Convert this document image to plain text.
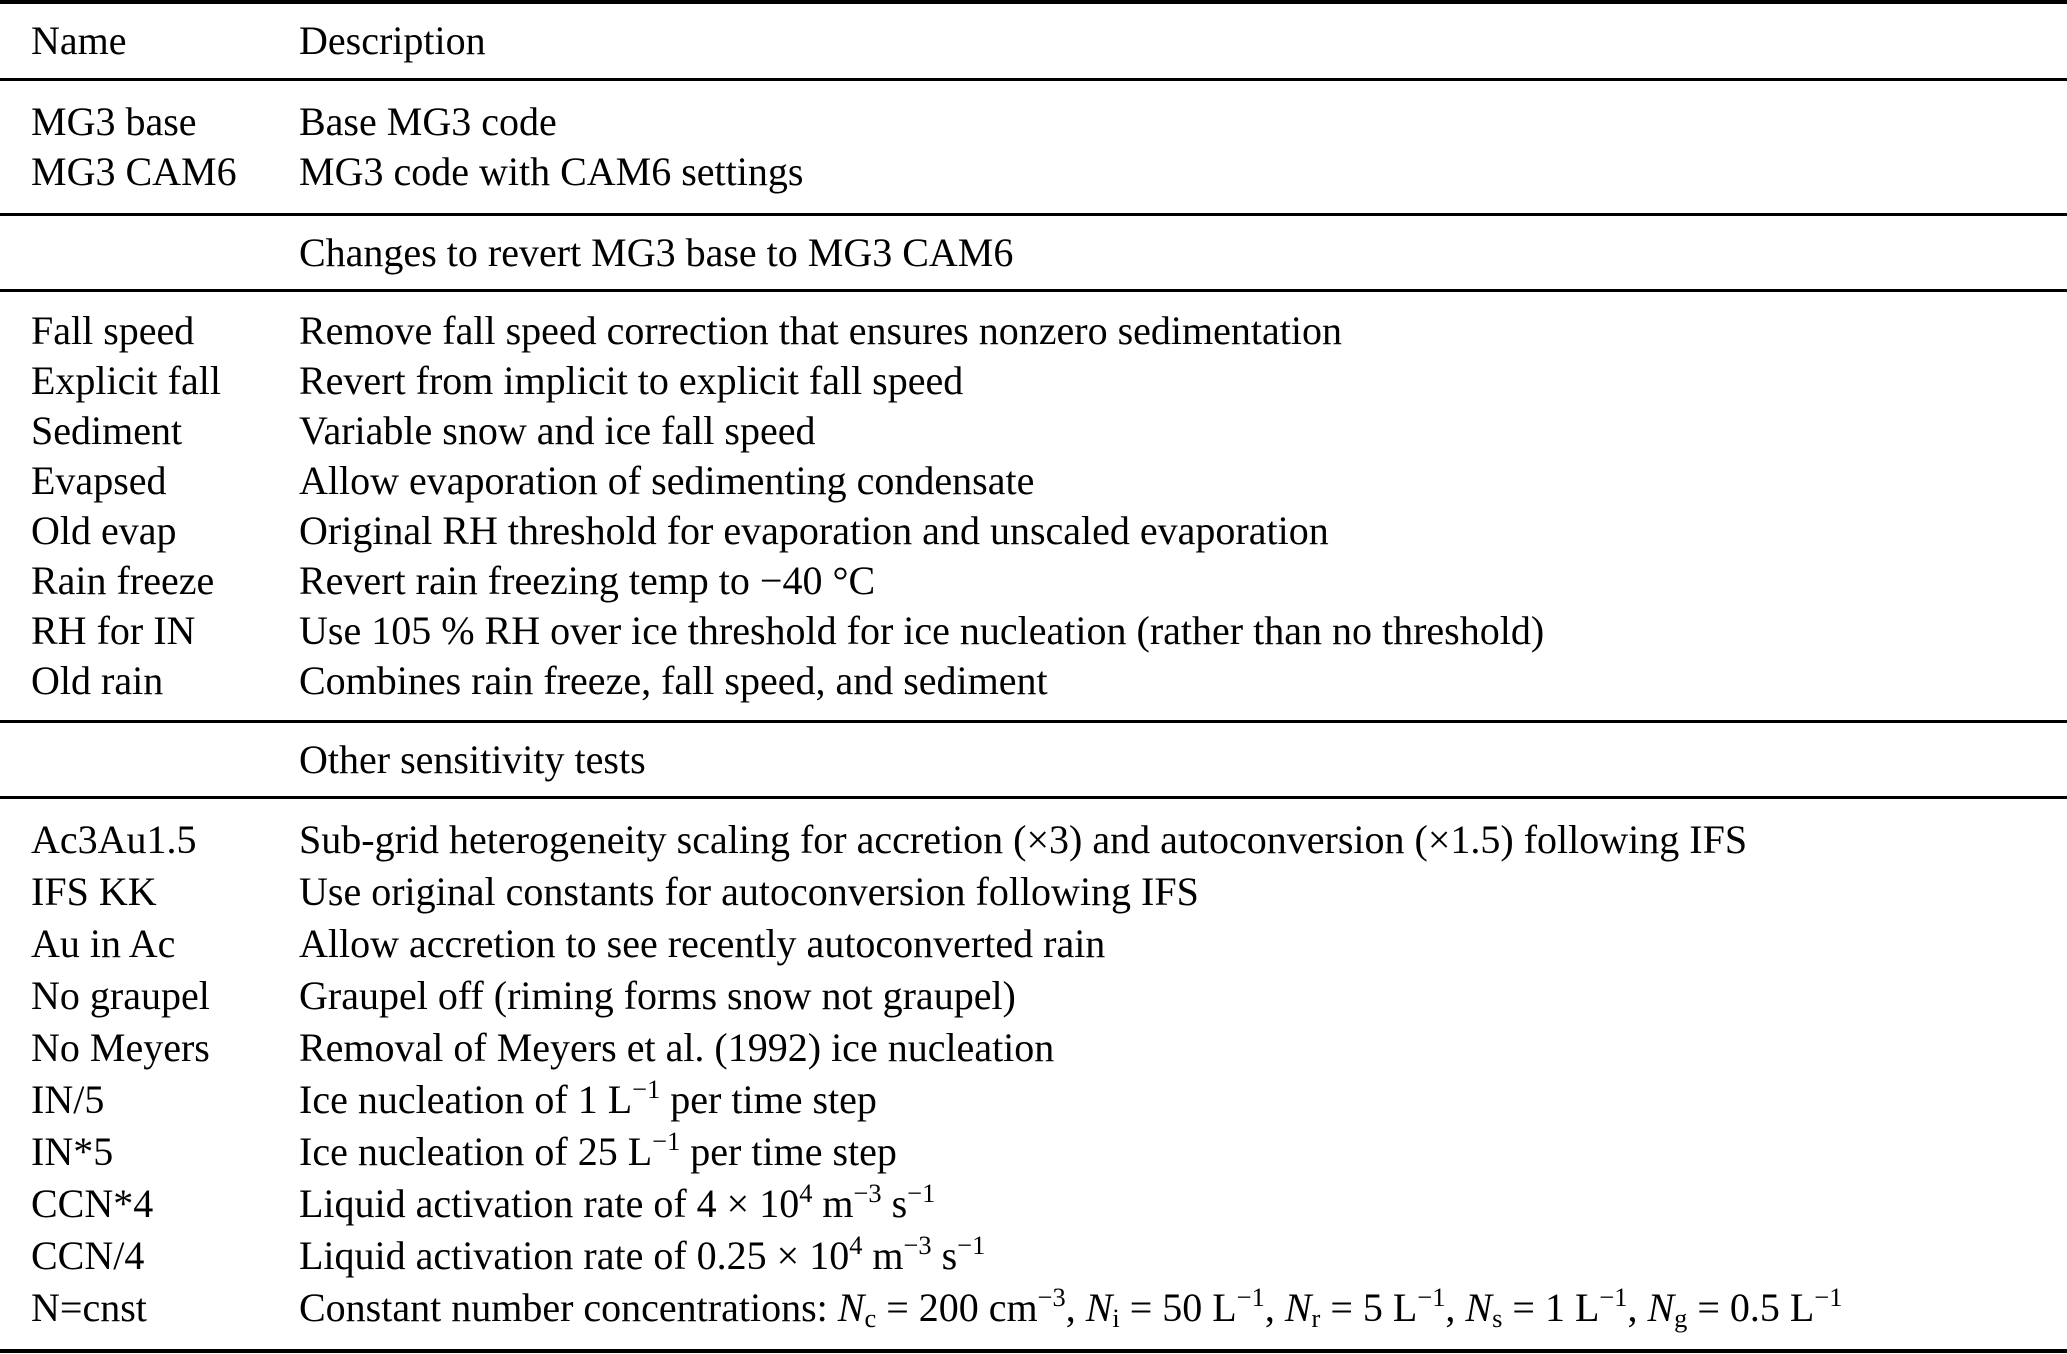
Name	Description
MG3 base	Base MG3 code
MG3 CAM6	MG3 code with CAM6 settings
Changes to revert MG3 base to MG3 CAM6
Fall speed	Remove fall speed correction that ensures nonzero sedimentation
Explicit fall	Revert from implicit to explicit fall speed
Sediment	Variable snow and ice fall speed
Evapsed	Allow evaporation of sedimenting condensate
Old evap	Original RH threshold for evaporation and unscaled evaporation
Rain freeze	Revert rain freezing temp to −40 °C
RH for IN	Use 105 % RH over ice threshold for ice nucleation (rather than no threshold)
Old rain	Combines rain freeze, fall speed, and sediment
Other sensitivity tests
Ac3Au1.5	Sub-grid heterogeneity scaling for accretion (×3) and autoconversion (×1.5) following IFS
IFS KK	Use original constants for autoconversion following IFS
Au in Ac	Allow accretion to see recently autoconverted rain
No graupel	Graupel off (riming forms snow not graupel)
No Meyers	Removal of Meyers et al. (1992) ice nucleation
IN/5	Ice nucleation of 1 $L^{-1}$ per time step
IN*5	Ice nucleation of 25 $L^{-1}$ per time step
CCN*4	Liquid activation rate of $4 \times 10^4$ $m^{-3}$ $s^{-1}$
CCN/4	Liquid activation rate of $0.25 \times 10^4$ $m^{-3}$ $s^{-1}$
N=cnst	Constant number concentrations: $N_c = 200$ $cm^{-3}$, $N_i = 50$ $L^{-1}$, $N_r = 5$ $L^{-1}$, $N_s = 1$ $L^{-1}$, $N_g = 0.5$ $L^{-1}$
